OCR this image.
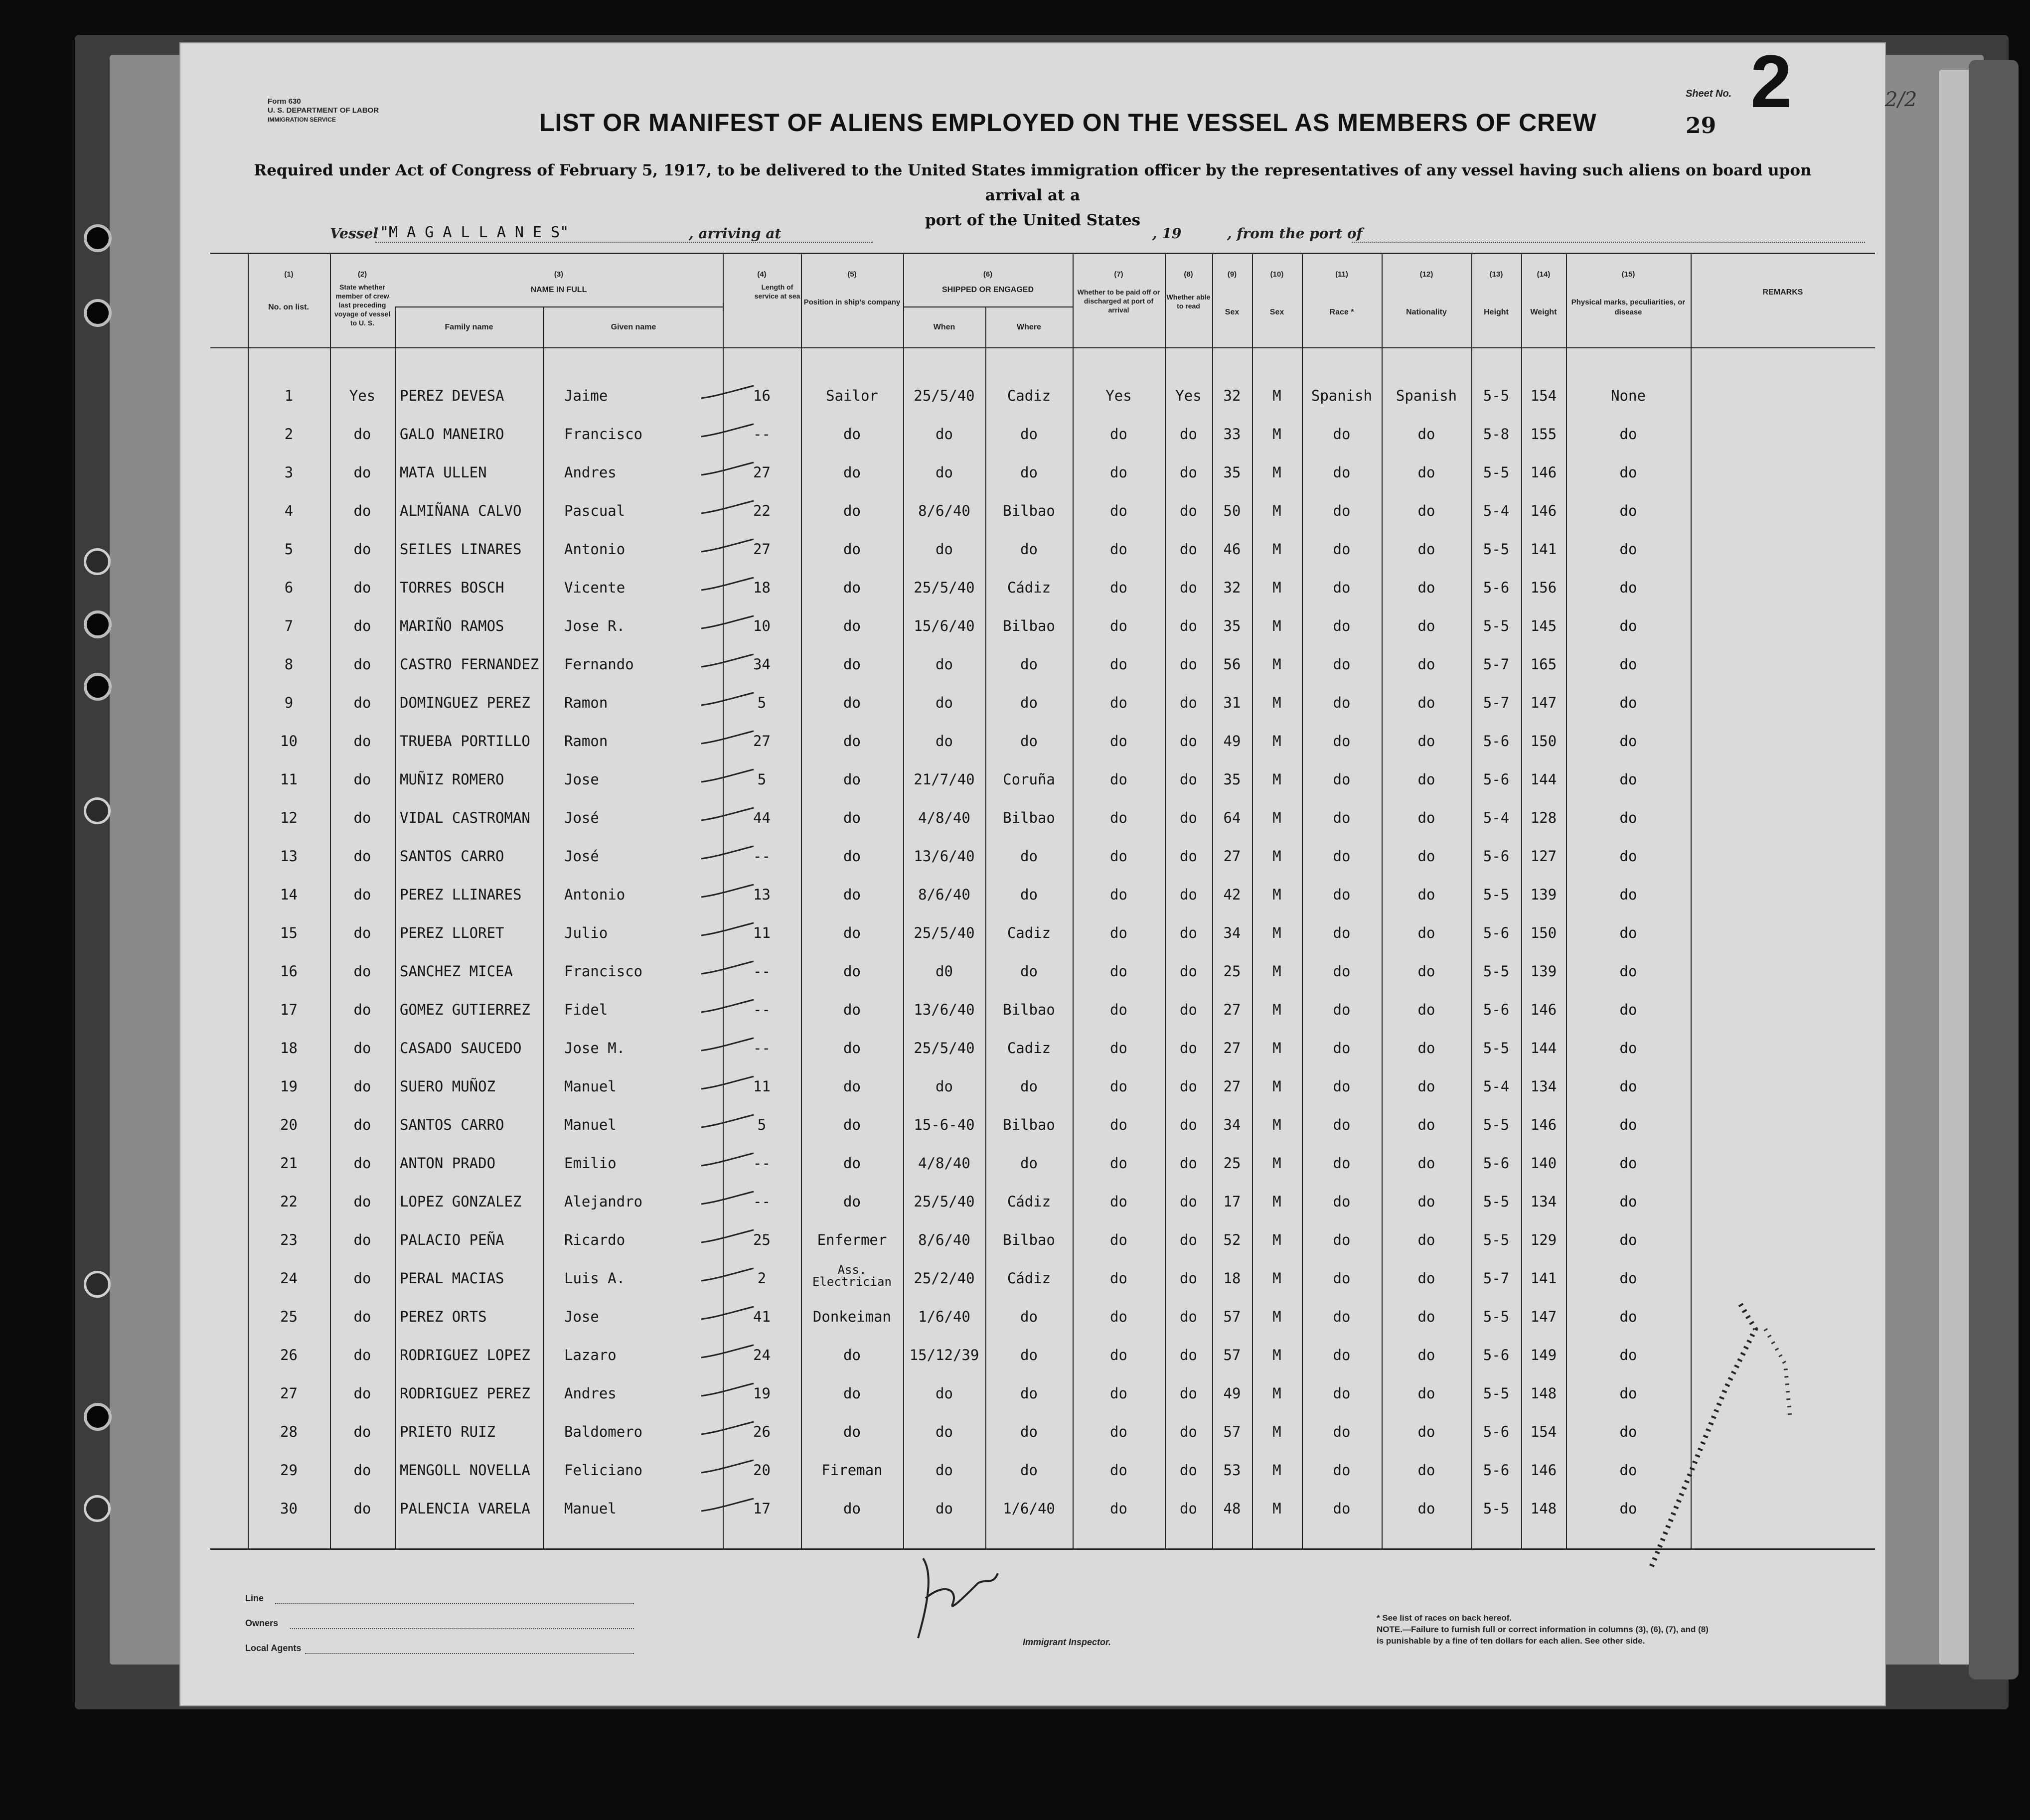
Form 630
U. S. DEPARTMENT OF LABOR
IMMIGRATION SERVICE
Sheet No. 2
29
2/2
LIST OR MANIFEST OF ALIENS EMPLOYED ON THE VESSEL AS MEMBERS OF CREW
Required under Act of Congress of February 5, 1917, to be delivered to the United States immigration officer by the representatives of any vessel having such aliens on board upon arrival at a
port of the United States
Vessel "M A G A L L A N E S"	, arriving at	, 19	, from the port of
(1)
No. on list.
(2)
State whether member of crew last preceding voyage of vessel to U. S.
(3)
NAME IN FULL
Family name	Given name
(4)
Length of service at sea
(5)
Position in ship's company
(6)
SHIPPED OR ENGAGED
When	Where
(7)
Whether to be paid off or discharged at port of arrival
(8)
Whether able to read
(9)
Sex
(10)
Sex
(11)
Race *
(12)
Nationality
(13)
Height
(14)
Weight
(15)
Physical marks, peculiarities, or disease
REMARKS
1	Yes	PEREZ DEVESA	Jaime	16	Sailor	25/5/40	Cadiz	Yes	Yes	32	M	Spanish	Spanish	5-5	154	None
2	do	GALO MANEIRO	Francisco	--	do	do	do	do	do	33	M	do	do	5-8	155	do
3	do	MATA ULLEN	Andres	27	do	do	do	do	do	35	M	do	do	5-5	146	do
4	do	ALMIÑANA CALVO	Pascual	22	do	8/6/40	Bilbao	do	do	50	M	do	do	5-4	146	do
5	do	SEILES LINARES	Antonio	27	do	do	do	do	do	46	M	do	do	5-5	141	do
6	do	TORRES BOSCH	Vicente	18	do	25/5/40	Cádiz	do	do	32	M	do	do	5-6	156	do
7	do	MARIÑO RAMOS	Jose R.	10	do	15/6/40	Bilbao	do	do	35	M	do	do	5-5	145	do
8	do	CASTRO FERNANDEZ	Fernando	34	do	do	do	do	do	56	M	do	do	5-7	165	do
9	do	DOMINGUEZ PEREZ	Ramon	5	do	do	do	do	do	31	M	do	do	5-7	147	do
10	do	TRUEBA PORTILLO	Ramon	27	do	do	do	do	do	49	M	do	do	5-6	150	do
11	do	MUÑIZ ROMERO	Jose	5	do	21/7/40	Coruña	do	do	35	M	do	do	5-6	144	do
12	do	VIDAL CASTROMAN	José	44	do	4/8/40	Bilbao	do	do	64	M	do	do	5-4	128	do
13	do	SANTOS CARRO	José	--	do	13/6/40	do	do	do	27	M	do	do	5-6	127	do
14	do	PEREZ LLINARES	Antonio	13	do	8/6/40	do	do	do	42	M	do	do	5-5	139	do
15	do	PEREZ LLORET	Julio	11	do	25/5/40	Cadiz	do	do	34	M	do	do	5-6	150	do
16	do	SANCHEZ MICEA	Francisco	--	do	d0	do	do	do	25	M	do	do	5-5	139	do
17	do	GOMEZ GUTIERREZ	Fidel	--	do	13/6/40	Bilbao	do	do	27	M	do	do	5-6	146	do
18	do	CASADO SAUCEDO	Jose M.	--	do	25/5/40	Cadiz	do	do	27	M	do	do	5-5	144	do
19	do	SUERO MUÑOZ	Manuel	11	do	do	do	do	do	27	M	do	do	5-4	134	do
20	do	SANTOS CARRO	Manuel	5	do	15-6-40	Bilbao	do	do	34	M	do	do	5-5	146	do
21	do	ANTON PRADO	Emilio	--	do	4/8/40	do	do	do	25	M	do	do	5-6	140	do
22	do	LOPEZ GONZALEZ	Alejandro	--	do	25/5/40	Cádiz	do	do	17	M	do	do	5-5	134	do
23	do	PALACIO PEÑA	Ricardo	25	Enfermer	8/6/40	Bilbao	do	do	52	M	do	do	5-5	129	do
24	do	PERAL MACIAS	Luis A.	2	Ass. Electrician	25/2/40	Cádiz	do	do	18	M	do	do	5-7	141	do
25	do	PEREZ ORTS	Jose	41	Donkeiman	1/6/40	do	do	do	57	M	do	do	5-5	147	do
26	do	RODRIGUEZ LOPEZ	Lazaro	24	do	15/12/39	do	do	do	57	M	do	do	5-6	149	do
27	do	RODRIGUEZ PEREZ	Andres	19	do	do	do	do	do	49	M	do	do	5-5	148	do
28	do	PRIETO RUIZ	Baldomero	26	do	do	do	do	do	57	M	do	do	5-6	154	do
29	do	MENGOLL NOVELLA	Feliciano	20	Fireman	do	do	do	do	53	M	do	do	5-6	146	do
30	do	PALENCIA VARELA	Manuel	17	do	do	1/6/40	do	do	48	M	do	do	5-5	148	do
Line
Owners
Local Agents
Immigrant Inspector.
* See list of races on back hereof.
NOTE.—Failure to furnish full or correct information in columns (3), (6), (7), and (8)
is punishable by a fine of ten dollars for each alien. See other side.
